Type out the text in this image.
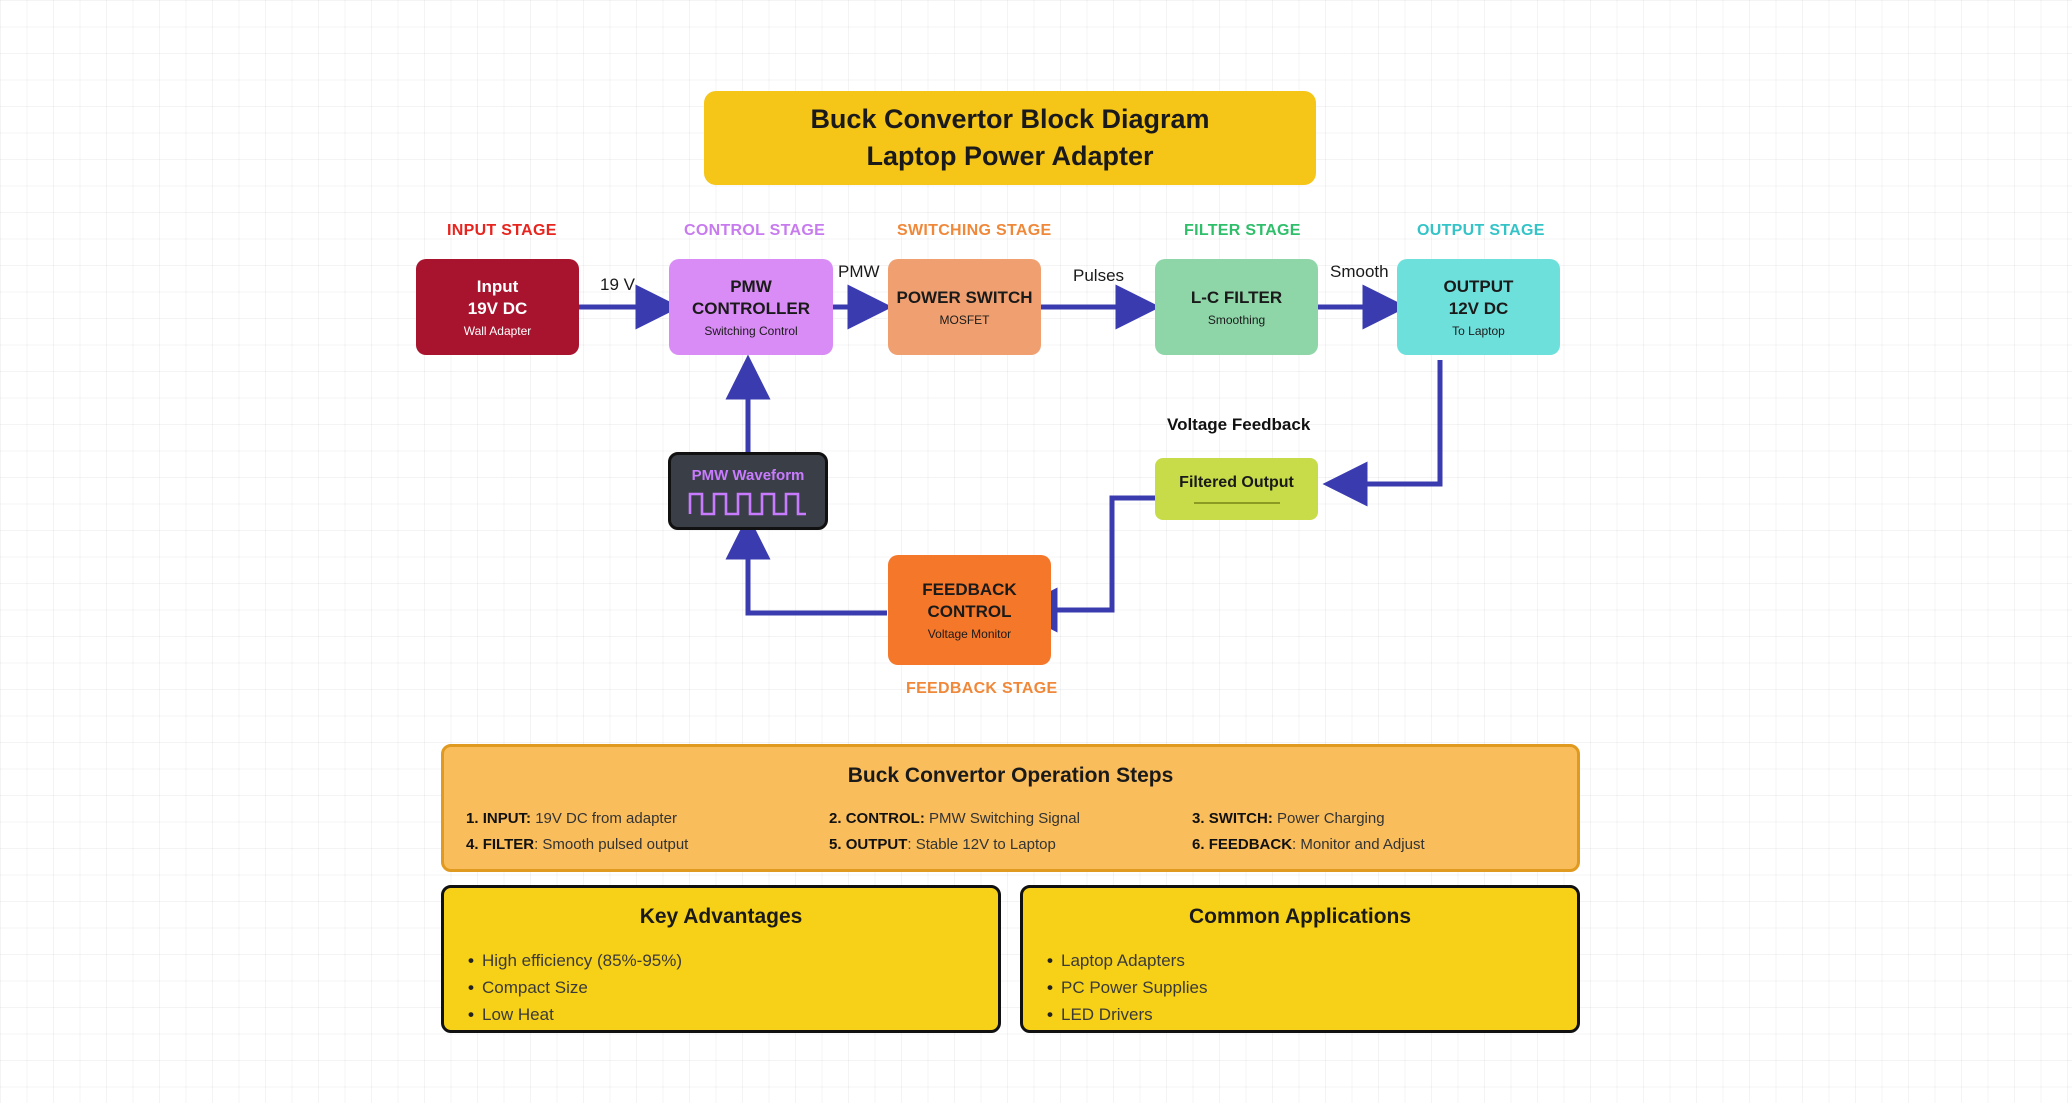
Buck Convertor Block Diagram
Laptop Power Adapter
INPUT STAGE	CONTROL STAGE	SWITCHING STAGE	FILTER STAGE	OUTPUT STAGE
FEEDBACK STAGE
Input
19V DC
Wall Adapter
PMW
CONTROLLER
Switching Control
POWER SWITCH
MOSFET
L-C FILTER
Smoothing
OUTPUT
12V DC
To Laptop
FEEDBACK
CONTROL
Voltage Monitor
Filtered Output
PMW Waveform
19 V
PMW	Pulses	Smooth
Voltage Feedback
Buck Convertor Operation Steps
1. INPUT: 19V DC from adapter	2. CONTROL: PMW Switching Signal	3. SWITCH: Power Charging
4. FILTER: Smooth pulsed output	5. OUTPUT: Stable 12V to Laptop	6. FEEDBACK: Monitor and Adjust
Key Advantages
• High efficiency (85%-95%)
• Compact Size
• Low Heat
Common Applications
• Laptop Adapters
• PC Power Supplies
• LED Drivers
